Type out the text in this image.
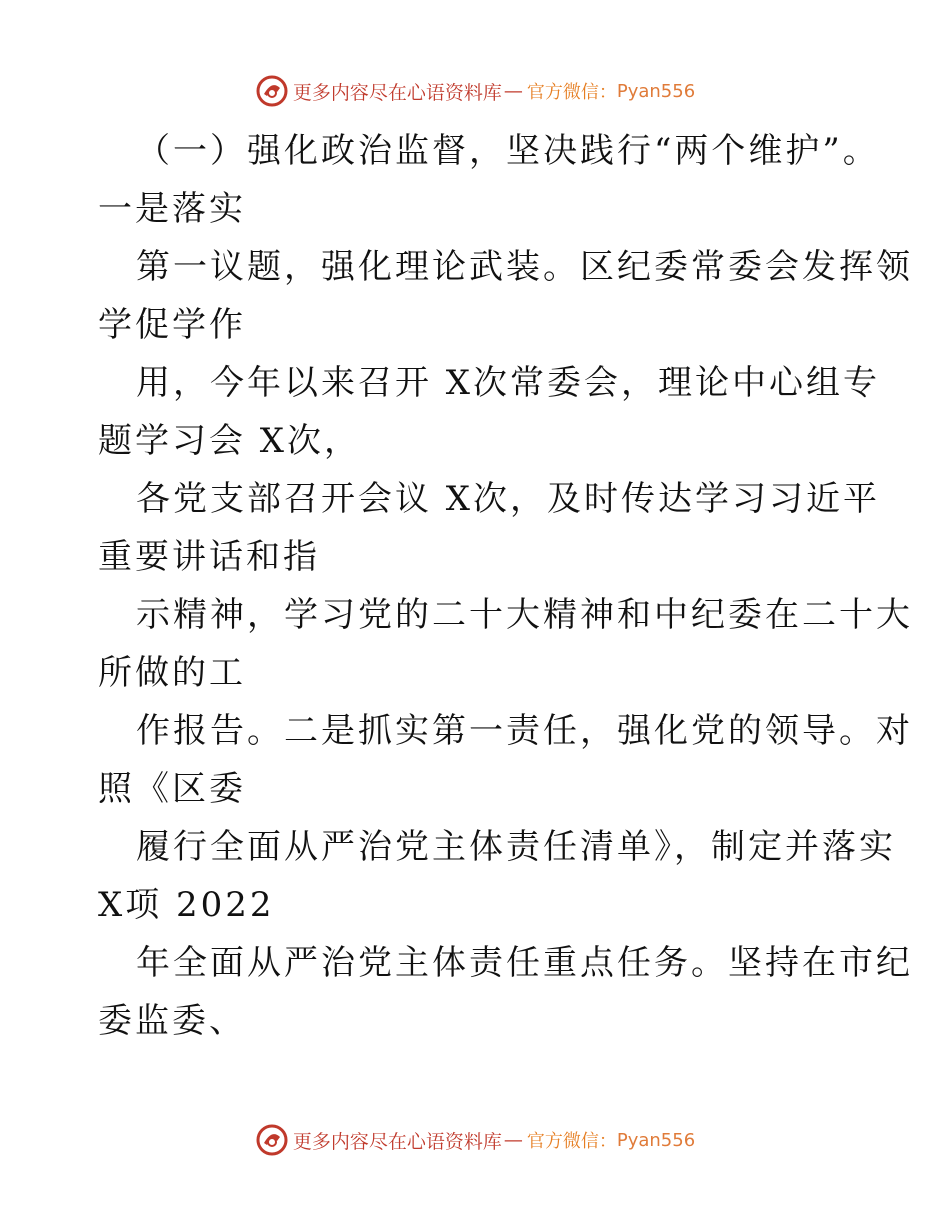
更多内容尽在心语资料库 — 官方微信： Pyan556
（一）强化政治监督，坚决践行“两个维护”。
一是落实
第一议题，强化理论武装。区纪委常委会发挥领
学促学作
用，今年以来召开 X次常委会，理论中心组专
题学习会 X次，
各党支部召开会议 X次，及时传达学习习近平
重要讲话和指
示精神，学习党的二十大精神和中纪委在二十大
所做的工
作报告。二是抓实第一责任，强化党的领导。对
照《区委
履行全面从严治党主体责任清单》，制定并落实
X项 2022
年全面从严治党主体责任重点任务。坚持在市纪
委监委、
更多内容尽在心语资料库 — 官方微信： Pyan556
